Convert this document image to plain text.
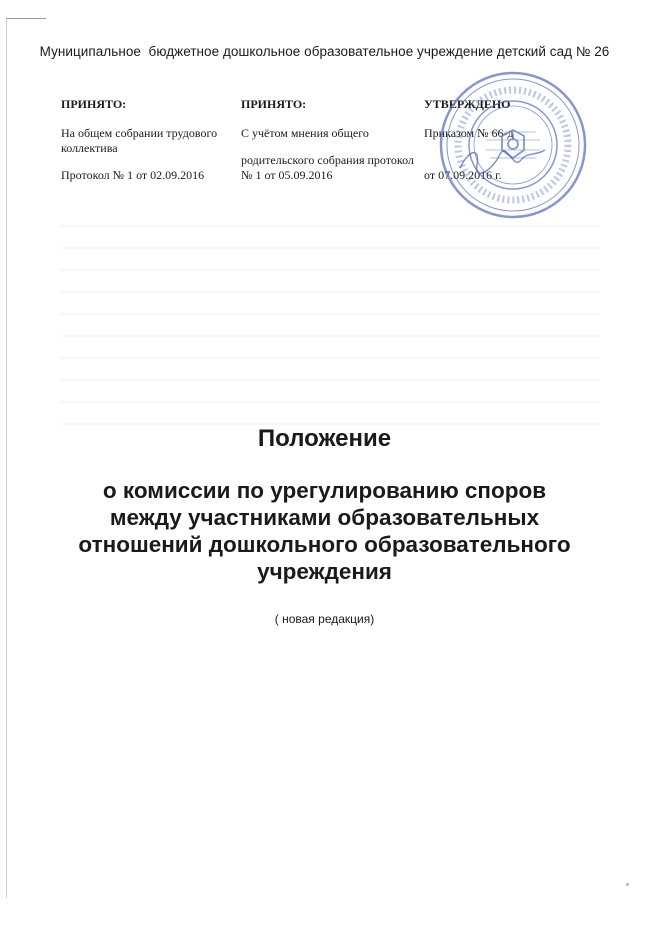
Муниципальное  бюджетное дошкольное образовательное учреждение детский сад № 26
ПРИНЯТО:
На общем собрании трудового коллектива
Протокол № 1 от 02.09.2016
ПРИНЯТО:
С учётом мнения общего
родительского собрания протокол № 1 от 05.09.2016
УТВЕРЖДЕНО
Приказом № 66-д
от 07.09.2016 г.
Положение
о комиссии по урегулированию споров
между участниками образовательных
отношений дошкольного образовательного
учреждения
( новая редакция)
